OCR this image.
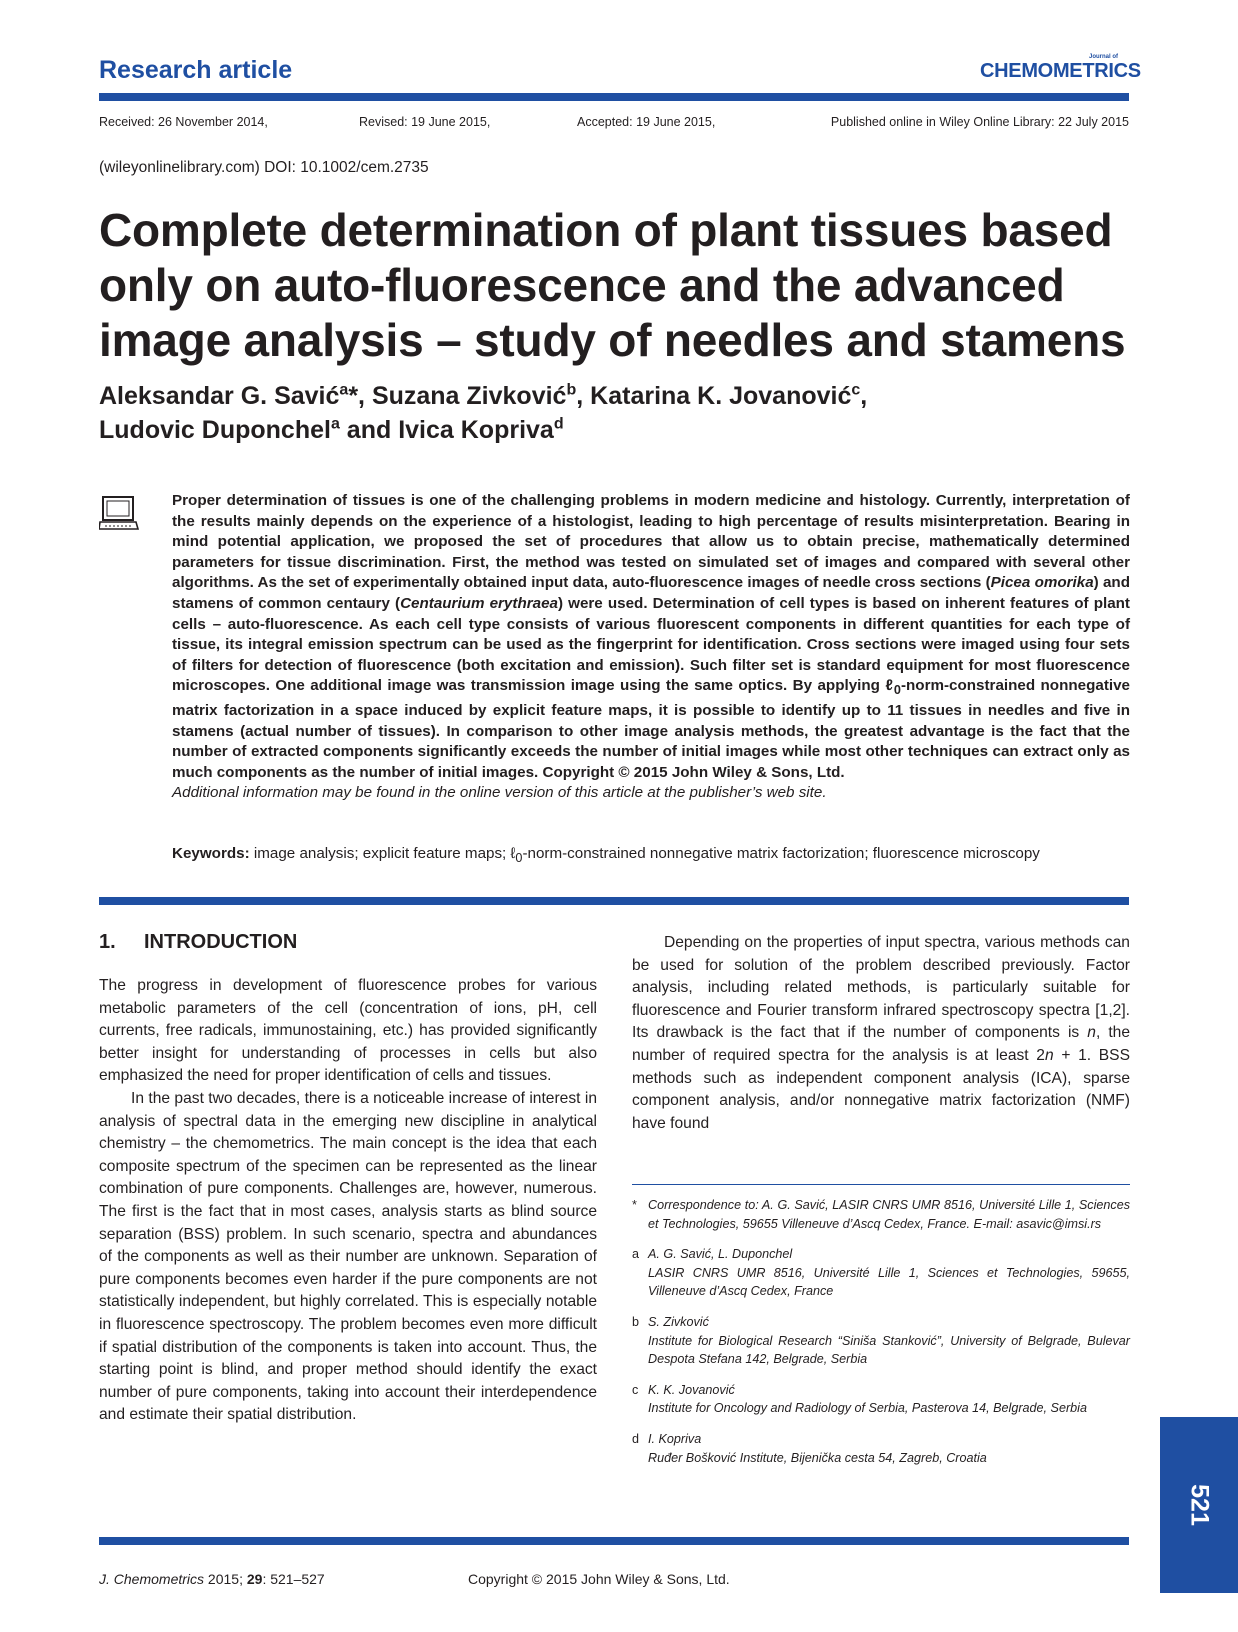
Research article	Journal of
CHEMOMETRICS
Received: 26 November 2014,	Revised: 19 June 2015,	Accepted: 19 June 2015,	Published online in Wiley Online Library: 22 July 2015
(wileyonlinelibrary.com) DOI: 10.1002/cem.2735
Complete determination of plant tissues based only on auto-fluorescence and the advanced image analysis – study of needles and stamens
Aleksandar G. Savić$^a$*, Suzana Zivković$^b$, Katarina K. Jovanović$^c$,
Ludovic Duponchel$^a$ and Ivica Kopriva$^d$
Proper determination of tissues is one of the challenging problems in modern medicine and histology. Currently, interpretation of the results mainly depends on the experience of a histologist, leading to high percentage of results misinterpretation. Bearing in mind potential application, we proposed the set of procedures that allow us to obtain precise, mathematically determined parameters for tissue discrimination. First, the method was tested on simulated set of images and compared with several other algorithms. As the set of experimentally obtained input data, auto-fluorescence images of needle cross sections (Picea omorika) and stamens of common centaury (Centaurium erythraea) were used. Determination of cell types is based on inherent features of plant cells – auto-fluorescence. As each cell type consists of various fluorescent components in different quantities for each type of tissue, its integral emission spectrum can be used as the fingerprint for identification. Cross sections were imaged using four sets of filters for detection of fluorescence (both excitation and emission). Such filter set is standard equipment for most fluorescence microscopes. One additional image was transmission image using the same optics. By applying ℓ$_0$-norm-constrained nonnegative matrix factorization in a space induced by explicit feature maps, it is possible to identify up to 11 tissues in needles and five in stamens (actual number of tissues). In comparison to other image analysis methods, the greatest advantage is the fact that the number of extracted components significantly exceeds the number of initial images while most other techniques can extract only as much components as the number of initial images. Copyright © 2015 John Wiley & Sons, Ltd.
Additional information may be found in the online version of this article at the publisher’s web site.
Keywords: image analysis; explicit feature maps; ℓ$_0$-norm-constrained nonnegative matrix factorization; fluorescence microscopy
1. INTRODUCTION

The progress in development of fluorescence probes for various metabolic parameters of the cell (concentration of ions, pH, cell currents, free radicals, immunostaining, etc.) has provided significantly better insight for understanding of processes in cells but also emphasized the need for proper identification of cells and tissues.

In the past two decades, there is a noticeable increase of interest in analysis of spectral data in the emerging new discipline in analytical chemistry – the chemometrics. The main concept is the idea that each composite spectrum of the specimen can be represented as the linear combination of pure components. Challenges are, however, numerous. The first is the fact that in most cases, analysis starts as blind source separation (BSS) problem. In such scenario, spectra and abundances of the components as well as their number are unknown. Separation of pure components becomes even harder if the pure components are not statistically independent, but highly correlated. This is especially notable in fluorescence spectroscopy. The problem becomes even more difficult if spatial distribution of the components is taken into account. Thus, the starting point is blind, and proper method should identify the exact number of pure components, taking into account their interdependence and estimate their spatial distribution.

Depending on the properties of input spectra, various methods can be used for solution of the problem described previously. Factor analysis, including related methods, is particularly suitable for fluorescence and Fourier transform infrared spectroscopy spectra [1,2]. Its drawback is the fact that if the number of components is n, the number of required spectra for the analysis is at least 2n + 1. BSS methods such as independent component analysis (ICA), sparse component analysis, and/or nonnegative matrix factorization (NMF) have found

* Correspondence to: A. G. Savić, LASIR CNRS UMR 8516, Université Lille 1, Sciences et Technologies, 59655 Villeneuve d’Ascq Cedex, France. E-mail: asavic@imsi.rs
a A. G. Savić, L. Duponchel
LASIR CNRS UMR 8516, Université Lille 1, Sciences et Technologies, 59655, Villeneuve d’Ascq Cedex, France
b S. Zivković
Institute for Biological Research “Siniša Stanković”, University of Belgrade, Bulevar Despota Stefana 142, Belgrade, Serbia
c K. K. Jovanović
Institute for Oncology and Radiology of Serbia, Pasterova 14, Belgrade, Serbia
d I. Kopriva
Ruđer Bošković Institute, Bijenička cesta 54, Zagreb, Croatia
521
J. Chemometrics 2015; 29: 521–527	Copyright © 2015 John Wiley & Sons, Ltd.
